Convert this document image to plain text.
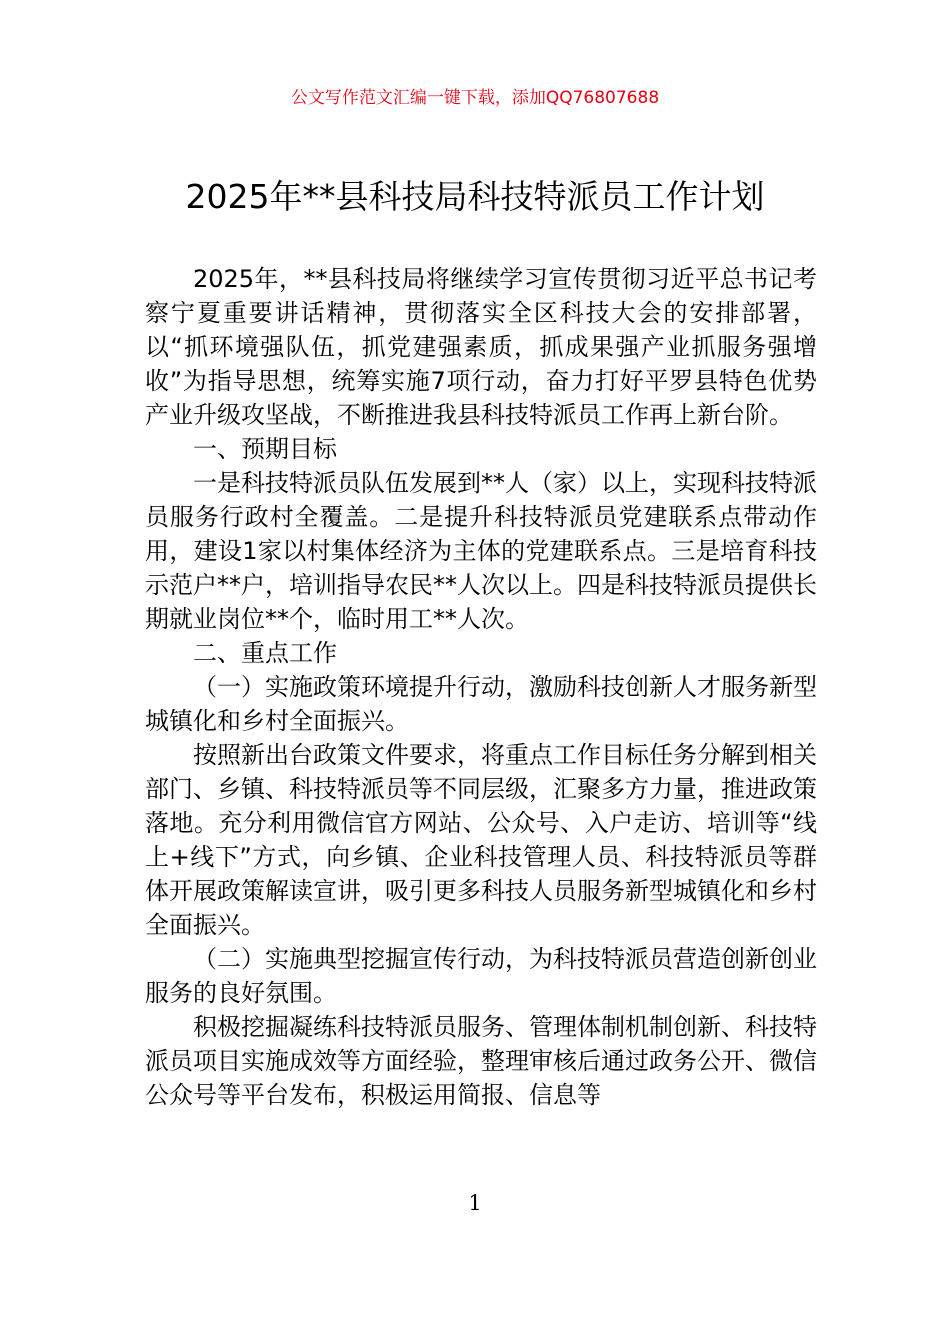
公文写作范文汇编一键下载，添加QQ76807688
2025年**县科技局科技特派员工作计划

2025年，**县科技局将继续学习宣传贯彻习近平总书记考察宁夏重要讲话精神，贯彻落实全区科技大会的安排部署，以“抓环境强队伍，抓党建强素质，抓成果强产业抓服务强增收”为指导思想，统筹实施7项行动，奋力打好平罗县特色优势产业升级攻坚战，不断推进我县科技特派员工作再上新台阶。

一、预期目标

一是科技特派员队伍发展到**人（家）以上，实现科技特派员服务行政村全覆盖。二是提升科技特派员党建联系点带动作用，建设1家以村集体经济为主体的党建联系点。三是培育科技示范户**户，培训指导农民**人次以上。四是科技特派员提供长期就业岗位**个，临时用工**人次。

二、重点工作

（一）实施政策环境提升行动，激励科技创新人才服务新型城镇化和乡村全面振兴。

按照新出台政策文件要求，将重点工作目标任务分解到相关部门、乡镇、科技特派员等不同层级，汇聚多方力量，推进政策落地。充分利用微信官方网站、公众号、入户走访、培训等“线上+线下”方式，向乡镇、企业科技管理人员、科技特派员等群体开展政策解读宣讲，吸引更多科技人员服务新型城镇化和乡村全面振兴。

（二）实施典型挖掘宣传行动，为科技特派员营造创新创业服务的良好氛围。

积极挖掘凝练科技特派员服务、管理体制机制创新、科技特派员项目实施成效等方面经验，整理审核后通过政务公开、微信公众号等平台发布，积极运用简报、信息等

1
